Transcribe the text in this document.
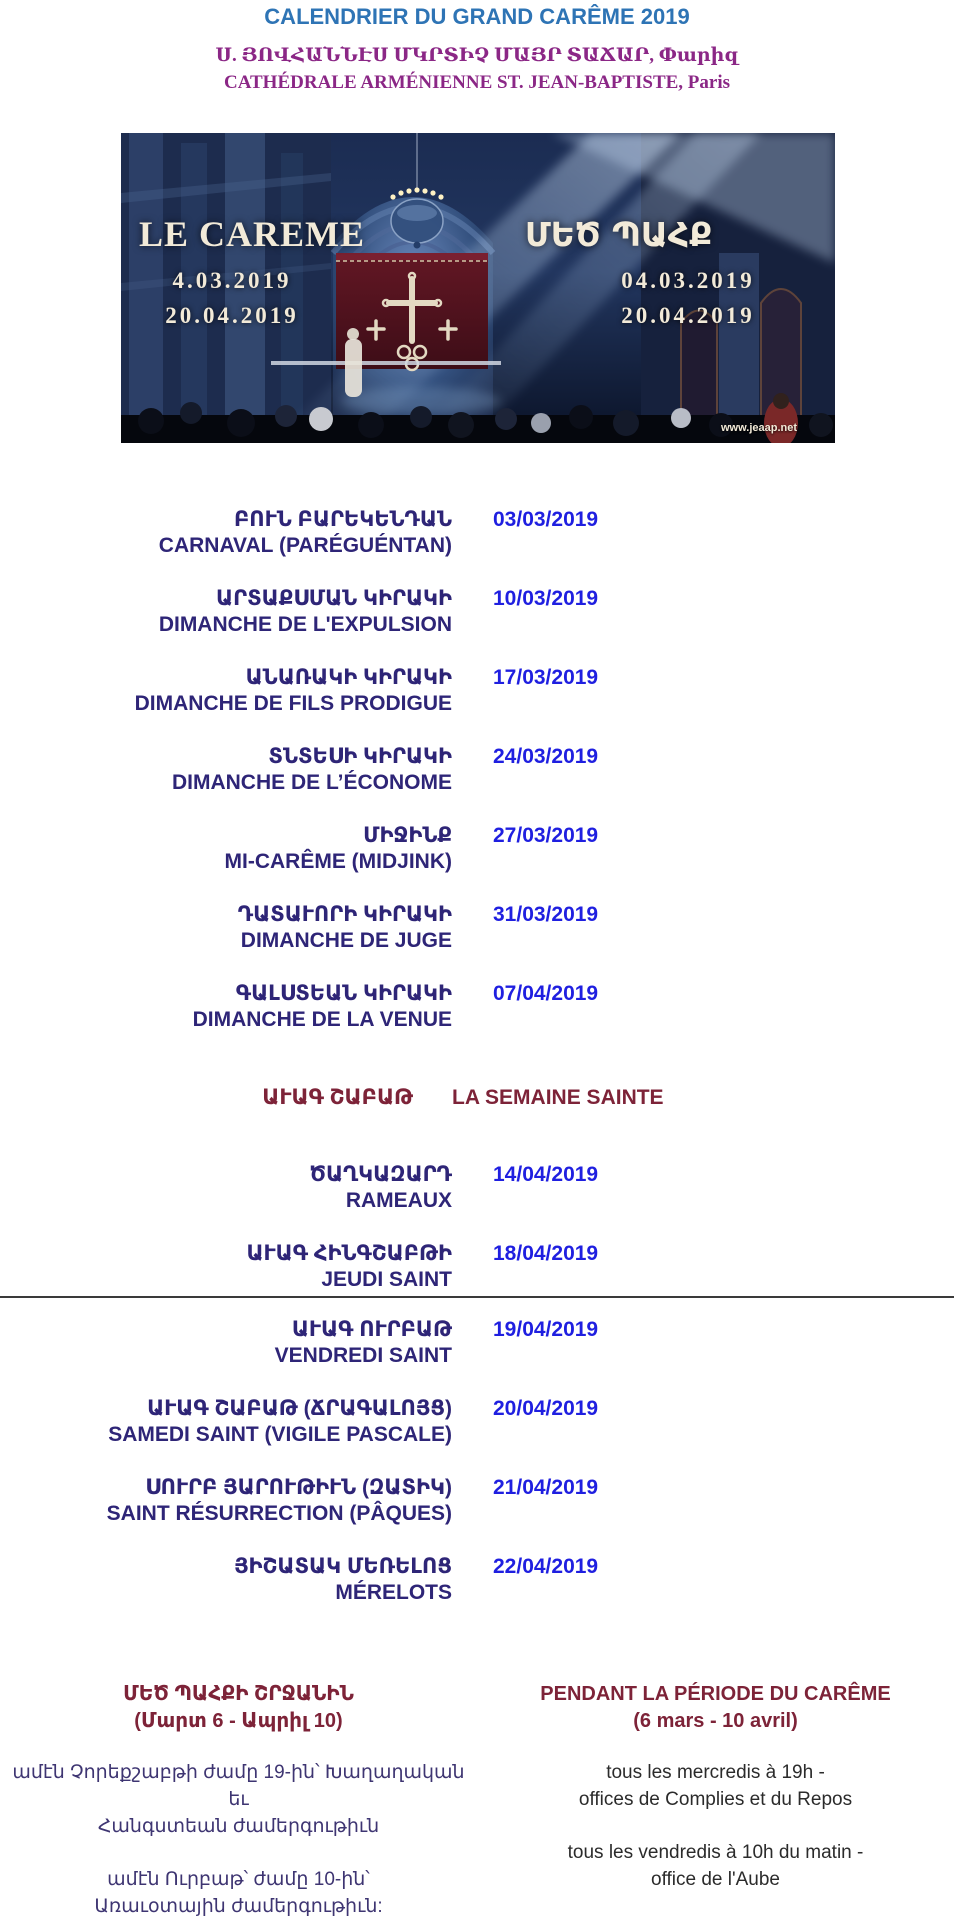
CALENDRIER DU GRAND CARÊME 2019
Ս. ՅՈՎՀԱՆՆԷՍ ՄԿՐՏԻՉ ՄԱՅՐ ՏԱՃԱՐ, Փարիզ
CATHÉDRALE ARMÉNIENNE ST. JEAN-BAPTISTE, Paris
LE CAREME	ՄԵԾ ՊԱՀՔ
4.03.2019
20.04.2019
04.03.2019
20.04.2019
www.jeaap.net
ԲՈՒՆ ԲԱՐԵԿԵՆԴԱՆ
CARNAVAL (PARÉGUÉNTAN)
03/03/2019
ԱՐՏԱՔՍՄԱՆ ԿԻՐԱԿԻ
DIMANCHE DE L'EXPULSION
10/03/2019
ԱՆԱՌԱԿԻ ԿԻՐԱԿԻ
DIMANCHE DE FILS PRODIGUE
17/03/2019
ՏՆՏԵՍԻ ԿԻՐԱԿԻ
DIMANCHE DE L’ÉCONOME
24/03/2019
ՄԻՋԻՆՔ
MI-CARÊME (MIDJINK)
27/03/2019
ԴԱՏԱՒՈՐԻ ԿԻՐԱԿԻ
DIMANCHE DE JUGE
31/03/2019
ԳԱԼՍՏԵԱՆ ԿԻՐԱԿԻ
DIMANCHE DE LA VENUE
07/04/2019
ԱՒԱԳ ՇԱԲԱԹ LA SEMAINE SAINTE
ԾԱՂԿԱԶԱՐԴ
RAMEAUX
14/04/2019
ԱՒԱԳ ՀԻՆԳՇԱԲԹԻ
JEUDI SAINT
18/04/2019
ԱՒԱԳ ՈՒՐԲԱԹ
VENDREDI SAINT
19/04/2019
ԱՒԱԳ ՇԱԲԱԹ (ՃՐԱԳԱԼՈՅՑ)
SAMEDI SAINT (VIGILE PASCALE)
20/04/2019
ՍՈՒՐԲ ՅԱՐՈՒԹԻՒՆ (ԶԱՏԻԿ)
SAINT RÉSURRECTION (PÂQUES)
21/04/2019
ՅԻՇԱՏԱԿ ՄԵՌԵԼՈՑ
MÉRELOTS
22/04/2019
ՄԵԾ ՊԱՀՔԻ ՇՐՋԱՆԻՆ
(Մարտ 6 - Ապրիլ 10)
ամէն Չորեքշաբթի ժամը 19-ին՝ Խաղաղական եւ
Հանգստեան ժամերգութիւն
ամէն Ուրբաթ՝ ժամը 10-ին՝
Առաւօտային ժամերգութիւն:
PENDANT LA PÉRIODE DU CARÊME
(6 mars - 10 avril)
tous les mercredis à 19h -
offices de Complies et du Repos
tous les vendredis à 10h du matin -
office de l'Aube
